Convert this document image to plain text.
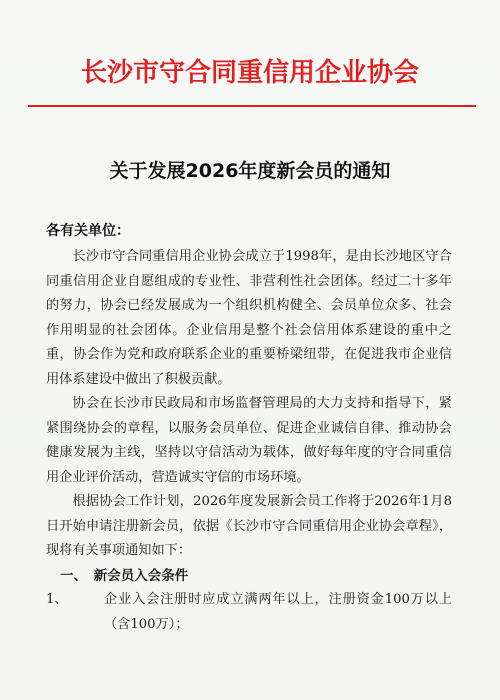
长沙市守合同重信用企业协会
关于发展2026年度新会员的通知
各有关单位：

长沙市守合同重信用企业协会成立于1998年，是由长沙地区守合同重信用企业自愿组成的专业性、非营利性社会团体。经过二十多年的努力，协会已经发展成为一个组织机构健全、会员单位众多、社会作用明显的社会团体。企业信用是整个社会信用体系建设的重中之重，协会作为党和政府联系企业的重要桥梁纽带，在促进我市企业信用体系建设中做出了积极贡献。

协会在长沙市民政局和市场监督管理局的大力支持和指导下，紧紧围绕协会的章程，以服务会员单位、促进企业诚信自律、推动协会健康发展为主线，坚持以守信活动为载体，做好每年度的守合同重信用企业评价活动，营造诚实守信的市场环境。

根据协会工作计划，2026年度发展新会员工作将于2026年1月8日开始申请注册新会员，依据《长沙市守合同重信用企业协会章程》，现将有关事项通知如下：

一、　新会员入会条件

1、	企业入会注册时应成立满两年以上，注册资金100万以上（含100万）；
